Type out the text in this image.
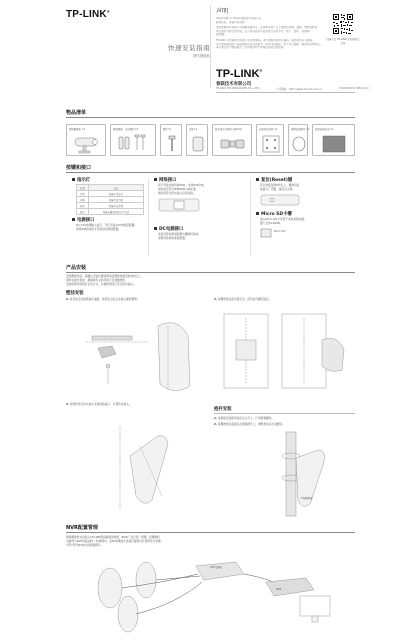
TP-LINK®	声明
Copyright © 2019 普联技术有限公司
版权所有，保留所有权利
未经普联技术有限公司明确书面许可，任何单位或个人不得擅自仿制、复制、誊抄或转译
本手册部分或全部内容，且不得以营利为目的进行任何方式（电子、影印、录制等）
的传播。
TP-LINK 为普联技术有限公司注册商标。本手册提及的所有商标，由各自所有人拥有。
本手册所提到的产品规格和资讯仅供参考，如有内容更新，恕不另行通知。除非有特殊约定，
本手册仅作为使用指导，所作陈述均不构成任何形式的担保。
扫码关注 TP-LINK 官方微信公众号
快速安装指南
网络摄像机
TP-LINK®
普联技术有限公司
TP-LINK TECHNOLOGIES CO., LTD.	公司网址：http://www.tp-link.com.cn	7103502XXX REV1.0.0
物品清单
网络摄像机 ×1	膨胀螺管、自攻螺钉×4	螺钉×1	盖板×1	防水接头(网线外径8mm)	安装定位贴纸 ×1	抱箍安装配件 ×1 快速安装指南 ×1
按键和接口
指示灯
状态	含义
常亮	设备正常运行
闪烁	设备正在启动
快闪	设备正在升级
熄灭	设备未通电或指示灯关闭
电源接口
DC 12V电源输入接口，用于连接12V电源适配器。
使用PoE供电时无需连接电源适配器。
网络接口
用于连接交换机或NVR，支持PoE供电，
供电电压符合IEEE802.3af标准。
网线需穿过防水接头后再连接。
DC电源接口
连接外部电源适配器为摄像机供电。
请使用原装电源适配器。
复位(Reset)键
若长按复位键5秒以上，摄像机将
恢复出厂设置，重启后生效。
Micro SD卡槽
插入Micro SD卡可用于本地录像存储，
最大支持128GB。
Micro SD
产品安装
安装摄像机前，请确认安装位置能够承受摄像机重量的3倍以上。
请勿在强光直射、潮湿或多尘的环境下安装摄像机。
安装前请先规划好走线方式，并确保网线已穿过防水接头。
壁挂安装
1. 将安装定位贴纸贴在墙面，按照孔位钻孔并敲入膨胀螺管。	2. 将摄像机底座对准孔位，使用自攻螺钉固定。
3. 将网线穿过防水接头连接网络接口，拧紧防水接头。
抱杆安装
1. 将抱箍安装配件固定在立杆上，拧紧抱箍螺丝。
2. 将摄像机底座固定在抱箍配件上，调整角度后拧紧螺钉。
不锈钢抱箍
NVR配置管理
网络摄像机支持接入TP-LINK网络硬盘录像机（NVR）进行统一管理。将摄像机、
交换机与NVR连接到同一局域网内，在NVR界面中添加设备即可实现预览与录像。
*部分型号NVR支持即插即用。
PoE交换机
NVR
